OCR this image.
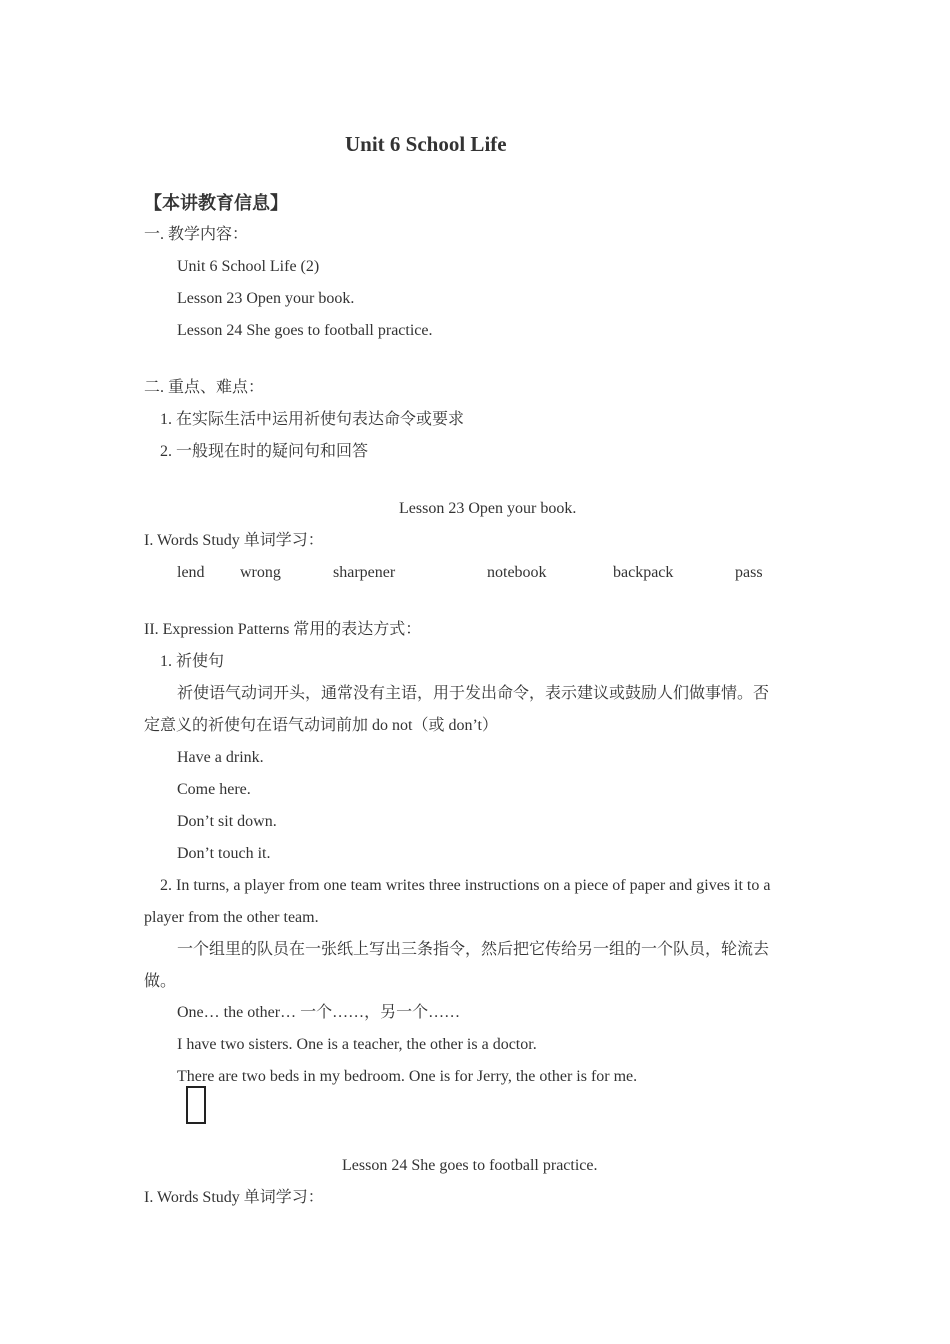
Unit 6 School Life
【本讲教育信息】
一. 教学内容：
Unit 6 School Life (2)
Lesson 23 Open your book.
Lesson 24 She goes to football practice.
二. 重点、难点：
1. 在实际生活中运用祈使句表达命令或要求
2. 一般现在时的疑问句和回答
Lesson 23 Open your book.
I. Words Study 单词学习：
lend wrong	sharpener	notebook	backpack	pass
II. Expression Patterns 常用的表达方式：
1. 祈使句
祈使语气动词开头，通常没有主语，用于发出命令，表示建议或鼓励人们做事情。否
定意义的祈使句在语气动词前加 do not（或 don’t）
Have a drink.
Come here.
Don’t sit down.
Don’t touch it.
2. In turns, a player from one team writes three instructions on a piece of paper and gives it to a
player from the other team.
一个组里的队员在一张纸上写出三条指令，然后把它传给另一组的一个队员，轮流去
做。
One… the other… 一个……，另一个……
I have two sisters. One is a teacher, the other is a doctor.
There are two beds in my bedroom. One is for Jerry, the other is for me.
Lesson 24 She goes to football practice.
I. Words Study 单词学习：
